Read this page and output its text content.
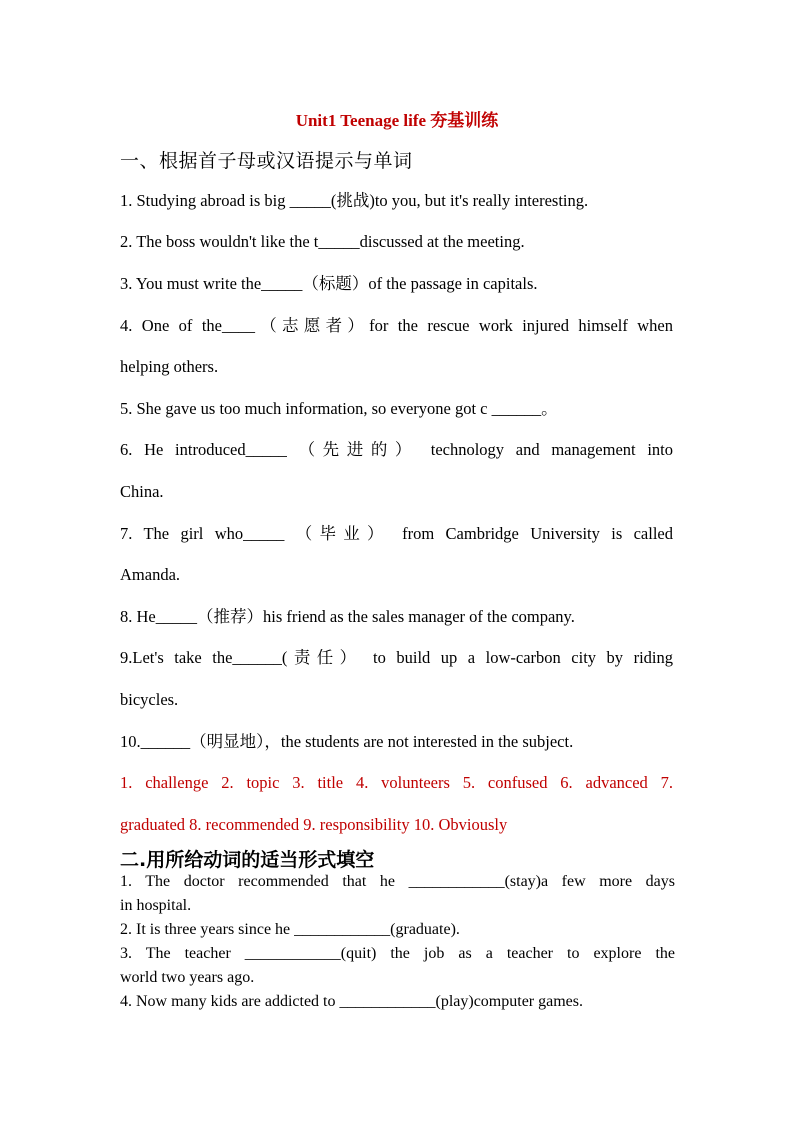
Unit1 Teenage life 夯基训练
一、根据首子母或汉语提示与单词
1. Studying abroad is big _____(挑战)to you, but it's really interesting.
2. The boss wouldn't like the t_____discussed at the meeting.
3. You must write the_____（标题）of the passage in capitals.
4. One of the____（志愿者）for the rescue work injured himself when
helping others.
5. She gave us too much information, so everyone got c ______。
6. He introduced_____ （先进的） technology and management into
China.
7. The girl who_____ （毕业） from Cambridge University is called
Amanda.
8. He_____（推荐）his friend as the sales manager of the company.
9.Let's take the______(责任） to build up a low-carbon city by riding
bicycles.
10.______（明显地），the students are not interested in the subject.
1. challenge 2. topic 3. title 4. volunteers 5. confused 6. advanced 7.
graduated 8. recommended 9. responsibility 10. Obviously
二.用所给动词的适当形式填空
1. The doctor recommended that he ____________(stay)a few more days
in hospital.
2. It is three years since he ____________(graduate).
3. The teacher ____________(quit) the job as a teacher to explore the
world two years ago.
4. Now many kids are addicted to ____________(play)computer games.
